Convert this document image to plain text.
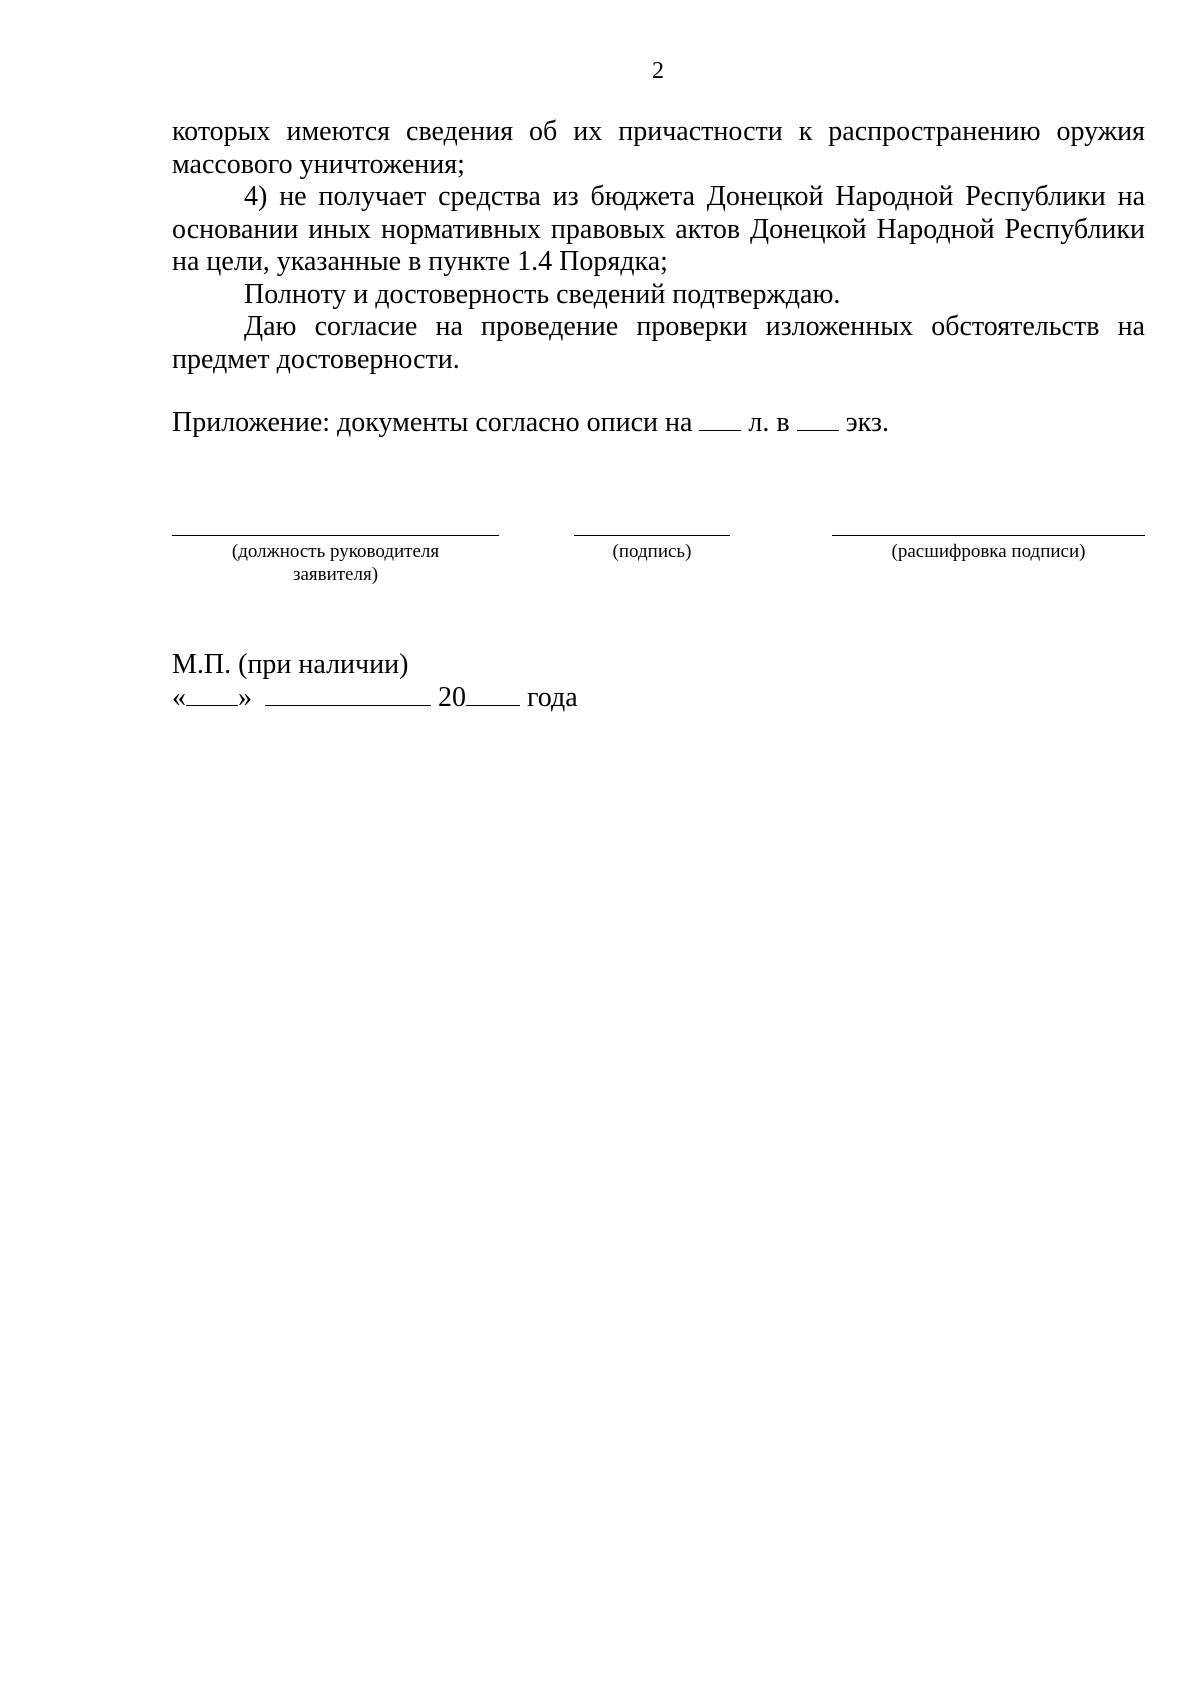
2

которых имеются сведения об их причастности к распространению оружия массового уничтожения;

4) не получает средства из бюджета Донецкой Народной Республики на основании иных нормативных правовых актов Донецкой Народной Республики на цели, указанные в пункте 1.4 Порядка;

Полноту и достоверность сведений подтверждаю.

Даю согласие на проведение проверки изложенных обстоятельств на предмет достоверности.

Приложение: документы согласно описи на л. в экз.
(должность руководителя
заявителя)
(подпись)	(расшифровка подписи)
М.П. (при наличии)
« »	20 года
